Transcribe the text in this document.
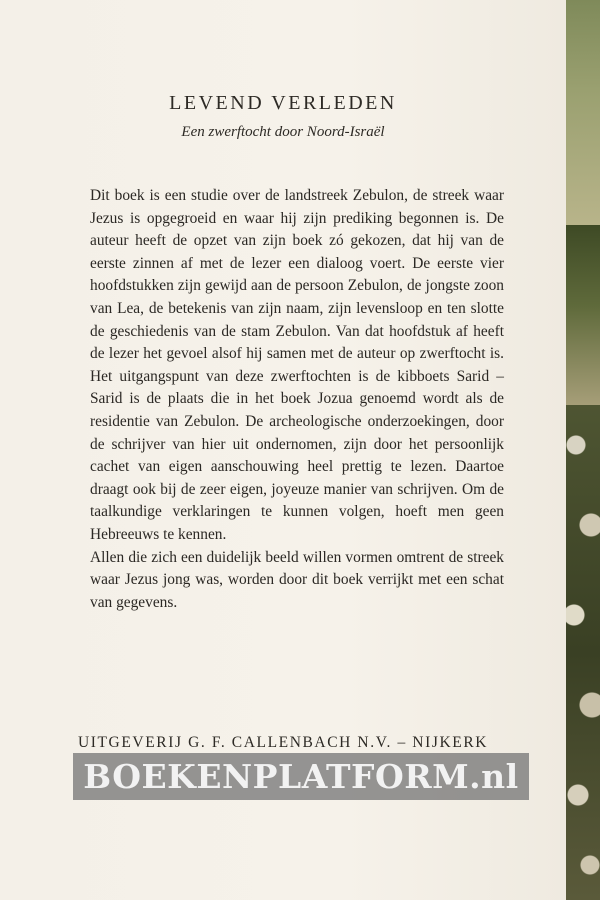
LEVEND VERLEDEN
Een zwerftocht door Noord-Israël

Dit boek is een studie over de landstreek Zebulon, de streek waar Jezus is opgegroeid en waar hij zijn prediking begonnen is. De auteur heeft de opzet van zijn boek zó gekozen, dat hij van de eerste zinnen af met de lezer een dialoog voert. De eerste vier hoofdstukken zijn gewijd aan de persoon Zebulon, de jongste zoon van Lea, de betekenis van zijn naam, zijn levensloop en ten slotte de geschiedenis van de stam Zebulon. Van dat hoofdstuk af heeft de lezer het gevoel alsof hij samen met de auteur op zwerftocht is. Het uitgangspunt van deze zwerftochten is de kibboets Sarid – Sarid is de plaats die in het boek Jozua genoemd wordt als de residentie van Zebulon. De archeologische onderzoekingen, door de schrijver van hier uit ondernomen, zijn door het persoonlijk cachet van eigen aanschouwing heel prettig te lezen. Daartoe draagt ook bij de zeer eigen, joyeuze manier van schrijven. Om de taalkundige verklaringen te kunnen volgen, hoeft men geen Hebreeuws te kennen.

Allen die zich een duidelijk beeld willen vormen omtrent de streek waar Jezus jong was, worden door dit boek verrijkt met een schat van gegevens.

UITGEVERIJ G. F. CALLENBACH N.V. – NIJKERK
BOEKENPLATFORM.nl
